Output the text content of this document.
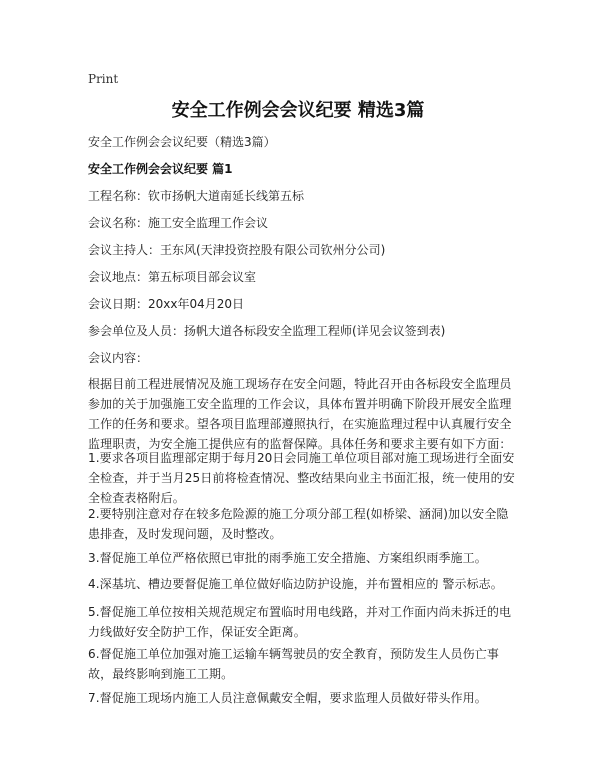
Print
安全工作例会会议纪要 精选3篇
安全工作例会会议纪要（精选3篇）
安全工作例会会议纪要 篇1
工程名称：钦市扬帆大道南延长线第五标
会议名称：施工安全监理工作会议
会议主持人：王东风(天津投资控股有限公司钦州分公司)
会议地点：第五标项目部会议室
会议日期：20xx年04月20日
参会单位及人员：扬帆大道各标段安全监理工程师(详见会议签到表)
会议内容：
根据目前工程进展情况及施工现场存在安全问题，特此召开由各标段安全监理员参加的关于加强施工安全监理的工作会议，具体布置并明确下阶段开展安全监理工作的任务和要求。望各项目监理部遵照执行，在实施监理过程中认真履行安全监理职责，为安全施工提供应有的监督保障。具体任务和要求主要有如下方面：
1.要求各项目监理部定期于每月20日会同施工单位项目部对施工现场进行全面安全检查，并于当月25日前将检查情况、整改结果向业主书面汇报，统一使用的安全检查表格附后。
2.要特别注意对存在较多危险源的施工分项分部工程(如桥梁、涵洞)加以安全隐患排查，及时发现问题，及时整改。
3.督促施工单位严格依照已审批的雨季施工安全措施、方案组织雨季施工。
4.深基坑、槽边要督促施工单位做好临边防护设施，并布置相应的 警示标志。
5.督促施工单位按相关规范规定布置临时用电线路，并对工作面内尚未拆迁的电力线做好安全防护工作，保证安全距离。
6.督促施工单位加强对施工运输车辆驾驶员的安全教育，预防发生人员伤亡事故，最终影响到施工工期。
7.督促施工现场内施工人员注意佩戴安全帽，要求监理人员做好带头作用。
